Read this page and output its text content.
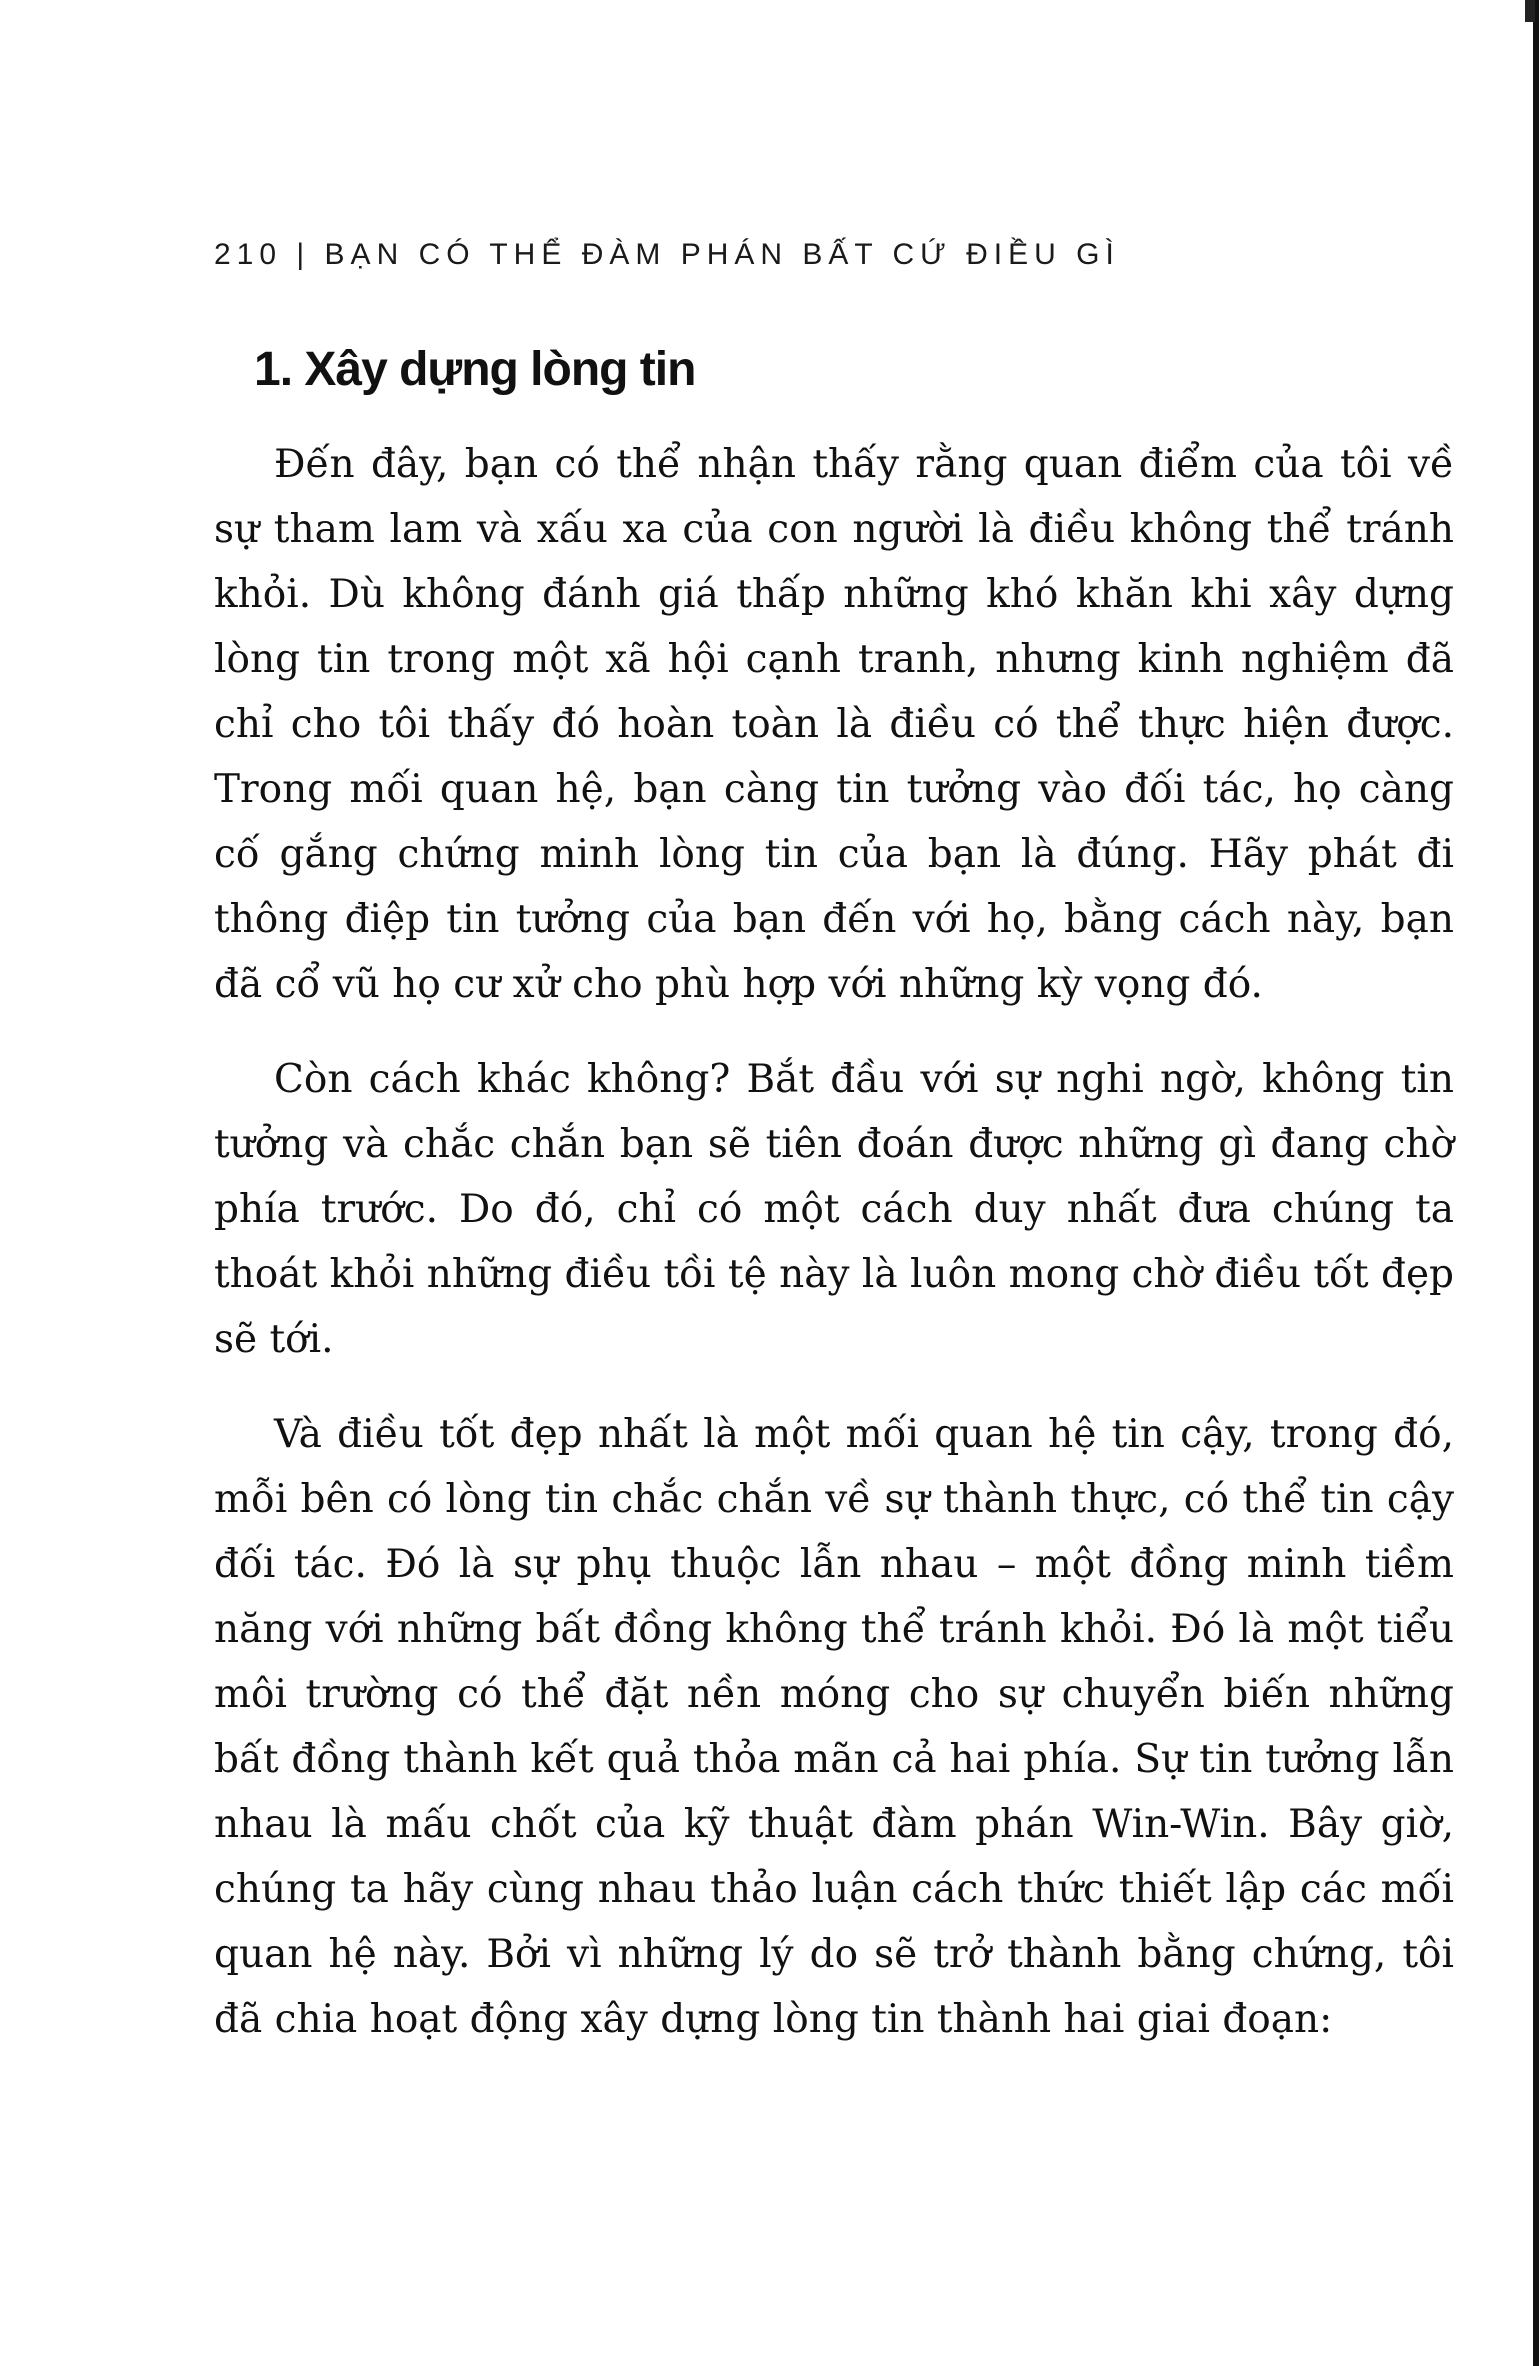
210 | BẠN CÓ THỂ ĐÀM PHÁN BẤT CỨ ĐIỀU GÌ
1. Xây dựng lòng tin

Đến đây, bạn có thể nhận thấy rằng quan điểm của tôi về sự tham lam và xấu xa của con người là điều không thể tránh khỏi. Dù không đánh giá thấp những khó khăn khi xây dựng lòng tin trong một xã hội cạnh tranh, nhưng kinh nghiệm đã chỉ cho tôi thấy đó hoàn toàn là điều có thể thực hiện được. Trong mối quan hệ, bạn càng tin tưởng vào đối tác, họ càng cố gắng chứng minh lòng tin của bạn là đúng. Hãy phát đi thông điệp tin tưởng của bạn đến với họ, bằng cách này, bạn đã cổ vũ họ cư xử cho phù hợp với những kỳ vọng đó.

Còn cách khác không? Bắt đầu với sự nghi ngờ, không tin tưởng và chắc chắn bạn sẽ tiên đoán được những gì đang chờ phía trước. Do đó, chỉ có một cách duy nhất đưa chúng ta thoát khỏi những điều tồi tệ này là luôn mong chờ điều tốt đẹp sẽ tới.

Và điều tốt đẹp nhất là một mối quan hệ tin cậy, trong đó, mỗi bên có lòng tin chắc chắn về sự thành thực, có thể tin cậy đối tác. Đó là sự phụ thuộc lẫn nhau – một đồng minh tiềm năng với những bất đồng không thể tránh khỏi. Đó là một tiểu môi trường có thể đặt nền móng cho sự chuyển biến những bất đồng thành kết quả thỏa mãn cả hai phía. Sự tin tưởng lẫn nhau là mấu chốt của kỹ thuật đàm phán Win-Win. Bây giờ, chúng ta hãy cùng nhau thảo luận cách thức thiết lập các mối quan hệ này. Bởi vì những lý do sẽ trở thành bằng chứng, tôi đã chia hoạt động xây dựng lòng tin thành hai giai đoạn:
